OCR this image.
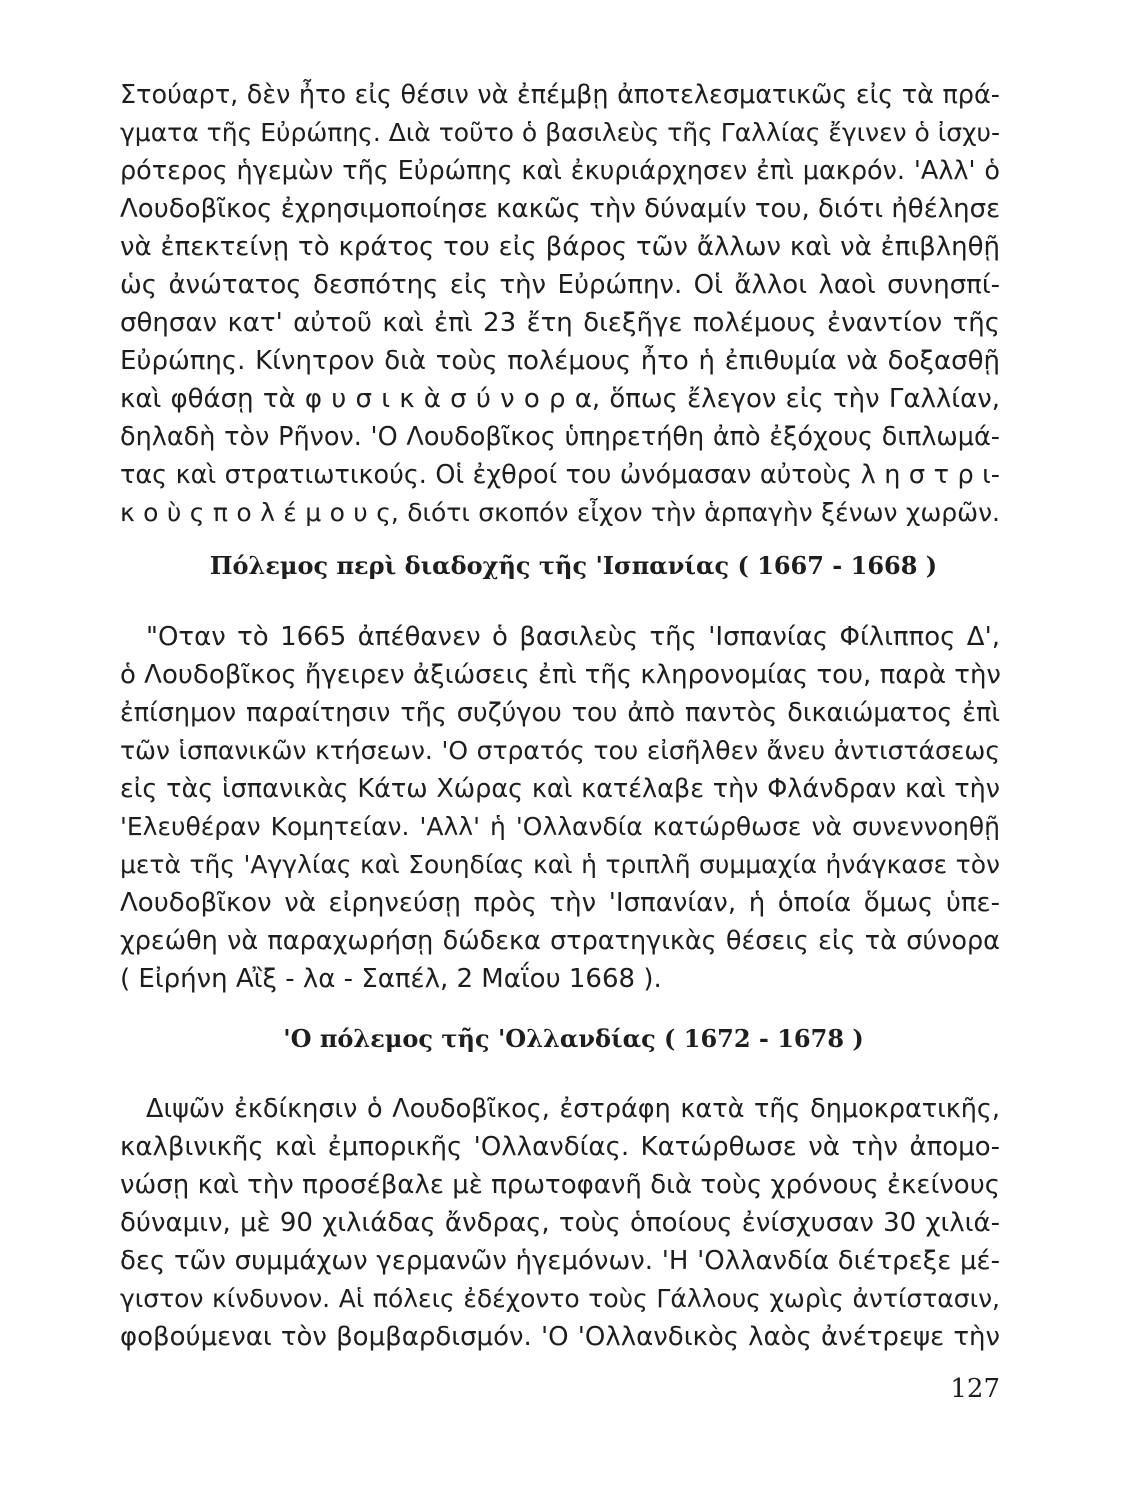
Στούαρτ, δὲν ἦτο εἰς θέσιν νὰ ἐπέμβῃ ἀποτελεσματικῶς εἰς τὰ πρά-
γματα τῆς Εὐρώπης. Διὰ τοῦτο ὁ βασιλεὺς τῆς Γαλλίας ἔγινεν ὁ ἰσχυ-
ρότερος ἡγεμὼν τῆς Εὐρώπης καὶ ἐκυριάρχησεν ἐπὶ μακρόν. 'Αλλ' ὁ
Λουδοβῖκος ἐχρησιμοποίησε κακῶς τὴν δύναμίν του, διότι ἠθέλησε
νὰ ἐπεκτείνῃ τὸ κράτος του εἰς βάρος τῶν ἄλλων καὶ νὰ ἐπιβληθῇ
ὡς ἀνώτατος δεσπότης εἰς τὴν Εὐρώπην. Οἱ ἄλλοι λαοὶ συνησπί-
σθησαν κατ' αὐτοῦ καὶ ἐπὶ 23 ἔτη διεξῆγε πολέμους ἐναντίον τῆς
Εὐρώπης. Κίνητρον διὰ τοὺς πολέμους ἦτο ἡ ἐπιθυμία νὰ δοξασθῇ
καὶ φθάσῃ τὰ φ υ σ ι κ ὰ σ ύ ν ο ρ α, ὅπως ἔλεγον εἰς τὴν Γαλλίαν,
δηλαδὴ τὸν Ρῆνον. 'Ο Λουδοβῖκος ὑπηρετήθη ἀπὸ ἐξόχους διπλωμά-
τας καὶ στρατιωτικούς. Οἱ ἐχθροί του ὠνόμασαν αὐτοὺς λ η σ τ ρ ι-
κ ο ὺ ς π ο λ έ μ ο υ ς, διότι σκοπόν εἶχον τὴν ἁρπαγὴν ξένων χωρῶν.
Πόλεμος περὶ διαδοχῆς τῆς 'Ισπανίας ( 1667 - 1668 )
"Οταν τὸ 1665 ἀπέθανεν ὁ βασιλεὺς τῆς 'Ισπανίας Φίλιππος Δ',
ὁ Λουδοβῖκος ἤγειρεν ἀξιώσεις ἐπὶ τῆς κληρονομίας του, παρὰ τὴν
ἐπίσημον παραίτησιν τῆς συζύγου του ἀπὸ παντὸς δικαιώματος ἐπὶ
τῶν ἱσπανικῶν κτήσεων. 'Ο στρατός του εἰσῆλθεν ἄνευ ἀντιστάσεως
εἰς τὰς ἱσπανικὰς Κάτω Χώρας καὶ κατέλαβε τὴν Φλάνδραν καὶ τὴν
'Ελευθέραν Κομητείαν. 'Αλλ' ἡ 'Ολλανδία κατώρθωσε νὰ συνεννοηθῇ
μετὰ τῆς 'Αγγλίας καὶ Σουηδίας καὶ ἡ τριπλῆ συμμαχία ἠνάγκασε τὸν
Λουδοβῖκον νὰ εἰρηνεύσῃ πρὸς τὴν 'Ισπανίαν, ἡ ὁποία ὅμως ὑπε-
χρεώθη νὰ παραχωρήσῃ δώδεκα στρατηγικὰς θέσεις εἰς τὰ σύνορα
( Εἰρήνη Αἲξ - λα - Σαπέλ, 2 Μαΐου 1668 ).
'Ο πόλεμος τῆς 'Ολλανδίας ( 1672 - 1678 )
Διψῶν ἐκδίκησιν ὁ Λουδοβῖκος, ἐστράφη κατὰ τῆς δημοκρατικῆς,
καλβινικῆς καὶ ἐμπορικῆς 'Ολλανδίας. Κατώρθωσε νὰ τὴν ἀπομο-
νώσῃ καὶ τὴν προσέβαλε μὲ πρωτοφανῆ διὰ τοὺς χρόνους ἐκείνους
δύναμιν, μὲ 90 χιλιάδας ἄνδρας, τοὺς ὁποίους ἐνίσχυσαν 30 χιλιά-
δες τῶν συμμάχων γερμανῶν ἡγεμόνων. 'Η 'Ολλανδία διέτρεξε μέ-
γιστον κίνδυνον. Αἱ πόλεις ἐδέχοντο τοὺς Γάλλους χωρὶς ἀντίστασιν,
φοβούμεναι τὸν βομβαρδισμόν. 'Ο 'Ολλανδικὸς λαὸς ἀνέτρεψε τὴν
127
